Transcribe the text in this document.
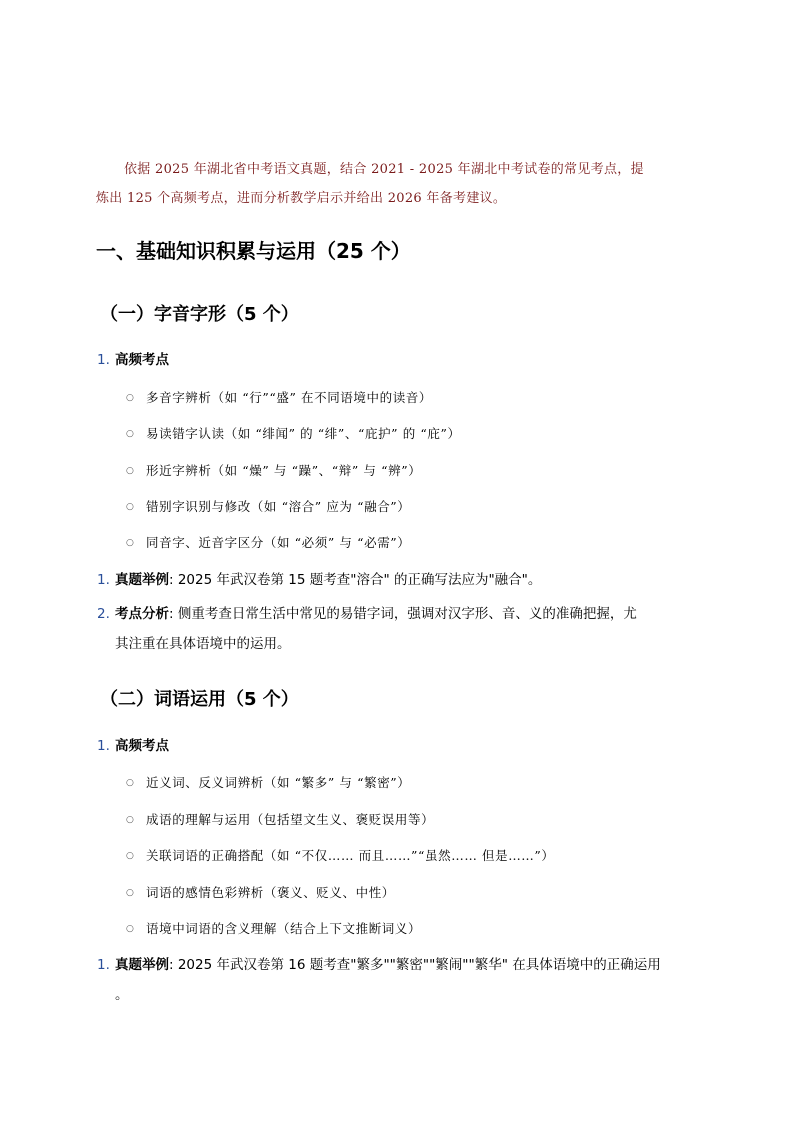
依据 2025 年湖北省中考语文真题，结合 2021 - 2025 年湖北中考试卷的常见考点，提
炼出 125 个高频考点，进而分析教学启示并给出 2026 年备考建议。
一、基础知识积累与运用（25 个）
（一）字音字形（5 个）
1. 高频考点
○ 多音字辨析（如 “行”“盛” 在不同语境中的读音）
○ 易读错字认读（如 “绯闻” 的 “绯”、“庇护” 的 “庇”）
○ 形近字辨析（如 “燥” 与 “躁”、“辩” 与 “辨”）
○ 错别字识别与修改（如 “溶合” 应为 “融合”）
○ 同音字、近音字区分（如 “必须” 与 “必需”）
1. 真题举例: 2025 年武汉卷第 15 题考查"溶合" 的正确写法应为"融合"。
2. 考点分析: 侧重考查日常生活中常见的易错字词，强调对汉字形、音、义的准确把握，尤
其注重在具体语境中的运用。
（二）词语运用（5 个）
1. 高频考点
○ 近义词、反义词辨析（如 “繁多” 与 “繁密”）
○ 成语的理解与运用（包括望文生义、褒贬误用等）
○ 关联词语的正确搭配（如 “不仅…… 而且……”“虽然…… 但是……”）
○ 词语的感情色彩辨析（褒义、贬义、中性）
○ 语境中词语的含义理解（结合上下文推断词义）
1. 真题举例: 2025 年武汉卷第 16 题考查"繁多""繁密""繁闹""繁华" 在具体语境中的正确运用
。
